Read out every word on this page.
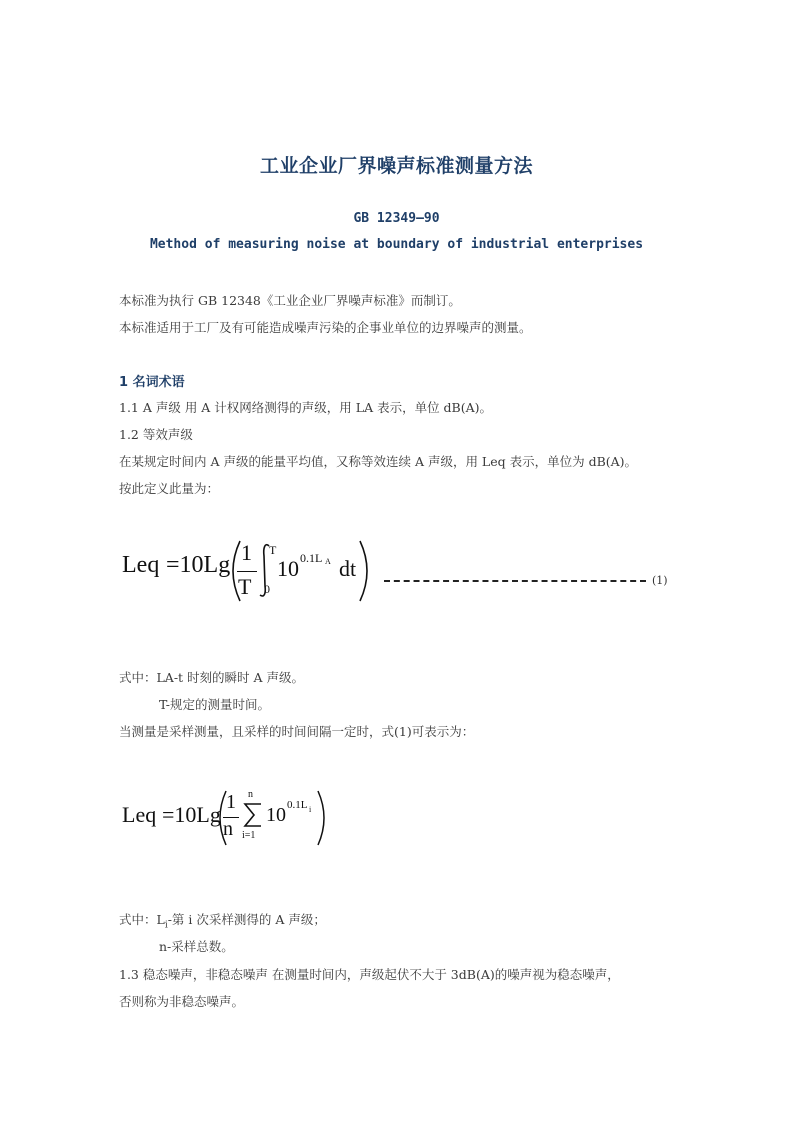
工业企业厂界噪声标准测量方法
GB 12349—90
Method of measuring noise at boundary of industrial enterprises
本标准为执行 GB 12348《工业企业厂界噪声标准》而制订。
本标准适用于工厂及有可能造成噪声污染的企事业单位的边界噪声的测量。
1 名词术语
1.1 A 声级 用 A 计权网络测得的声级，用 LA 表示，单位 dB(A)。
1.2 等效声级
在某规定时间内 A 声级的能量平均值，又称等效连续 A 声级，用 Leq 表示，单位为 dB(A)。
按此定义此量为：
Leq =10Lg 1
T
T
0
10 0.1L A dt	(1)
式中：LA-t 时刻的瞬时 A 声级。
T-规定的测量时间。
当测量是采样测量，且采样的时间间隔一定时，式(1)可表示为：
Leq =10Lg 1
n
n
i=1
10 0.1L i
式中：$L_i-$第 i 次采样测得的 A 声级；
n-采样总数。
1.3 稳态噪声，非稳态噪声 在测量时间内，声级起伏不大于 3dB(A)的噪声视为稳态噪声，
否则称为非稳态噪声。
